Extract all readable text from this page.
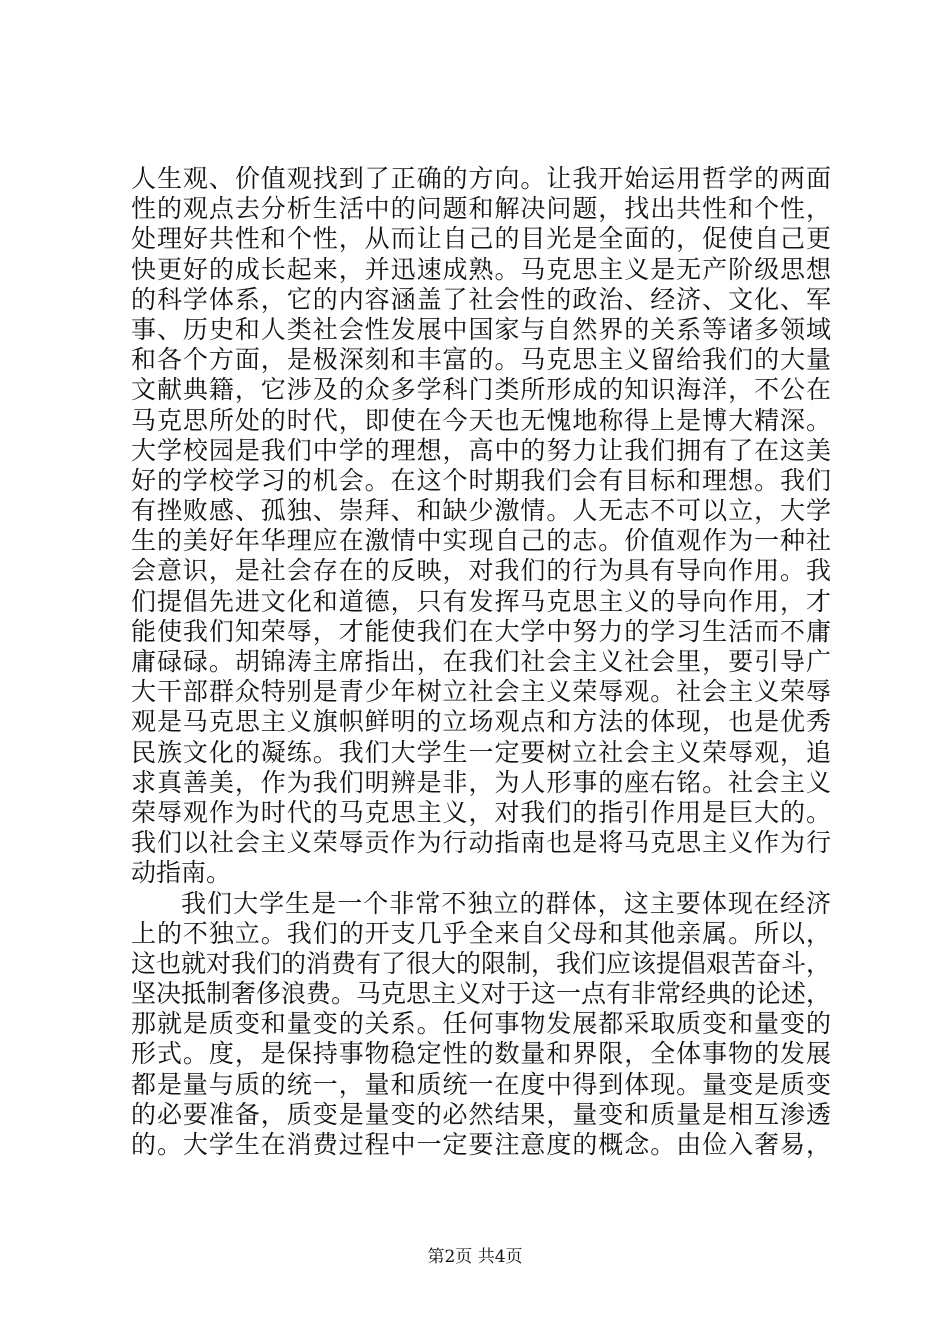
人生观、价值观找到了正确的方向。让我开始运用哲学的两面
性的观点去分析生活中的问题和解决问题，找出共性和个性，
处理好共性和个性，从而让自己的目光是全面的，促使自己更
快更好的成长起来，并迅速成熟。马克思主义是无产阶级思想
的科学体系，它的内容涵盖了社会性的政治、经济、文化、军
事、历史和人类社会性发展中国家与自然界的关系等诸多领域
和各个方面，是极深刻和丰富的。马克思主义留给我们的大量
文献典籍，它涉及的众多学科门类所形成的知识海洋，不公在
马克思所处的时代，即使在今天也无愧地称得上是博大精深。
大学校园是我们中学的理想，高中的努力让我们拥有了在这美
好的学校学习的机会。在这个时期我们会有目标和理想。我们
有挫败感、孤独、崇拜、和缺少激情。人无志不可以立，大学
生的美好年华理应在激情中实现自己的志。价值观作为一种社
会意识，是社会存在的反映，对我们的行为具有导向作用。我
们提倡先进文化和道德，只有发挥马克思主义的导向作用，才
能使我们知荣辱，才能使我们在大学中努力的学习生活而不庸
庸碌碌。胡锦涛主席指出，在我们社会主义社会里，要引导广
大干部群众特别是青少年树立社会主义荣辱观。社会主义荣辱
观是马克思主义旗帜鲜明的立场观点和方法的体现，也是优秀
民族文化的凝练。我们大学生一定要树立社会主义荣辱观，追
求真善美，作为我们明辨是非，为人形事的座右铭。社会主义
荣辱观作为时代的马克思主义，对我们的指引作用是巨大的。
我们以社会主义荣辱贡作为行动指南也是将马克思主义作为行
动指南。
我们大学生是一个非常不独立的群体，这主要体现在经济
上的不独立。我们的开支几乎全来自父母和其他亲属。所以，
这也就对我们的消费有了很大的限制，我们应该提倡艰苦奋斗，
坚决抵制奢侈浪费。马克思主义对于这一点有非常经典的论述，
那就是质变和量变的关系。任何事物发展都采取质变和量变的
形式。度，是保持事物稳定性的数量和界限，全体事物的发展
都是量与质的统一，量和质统一在度中得到体现。量变是质变
的必要准备，质变是量变的必然结果，量变和质量是相互渗透
的。大学生在消费过程中一定要注意度的概念。由俭入奢易，
第2页 共4页
